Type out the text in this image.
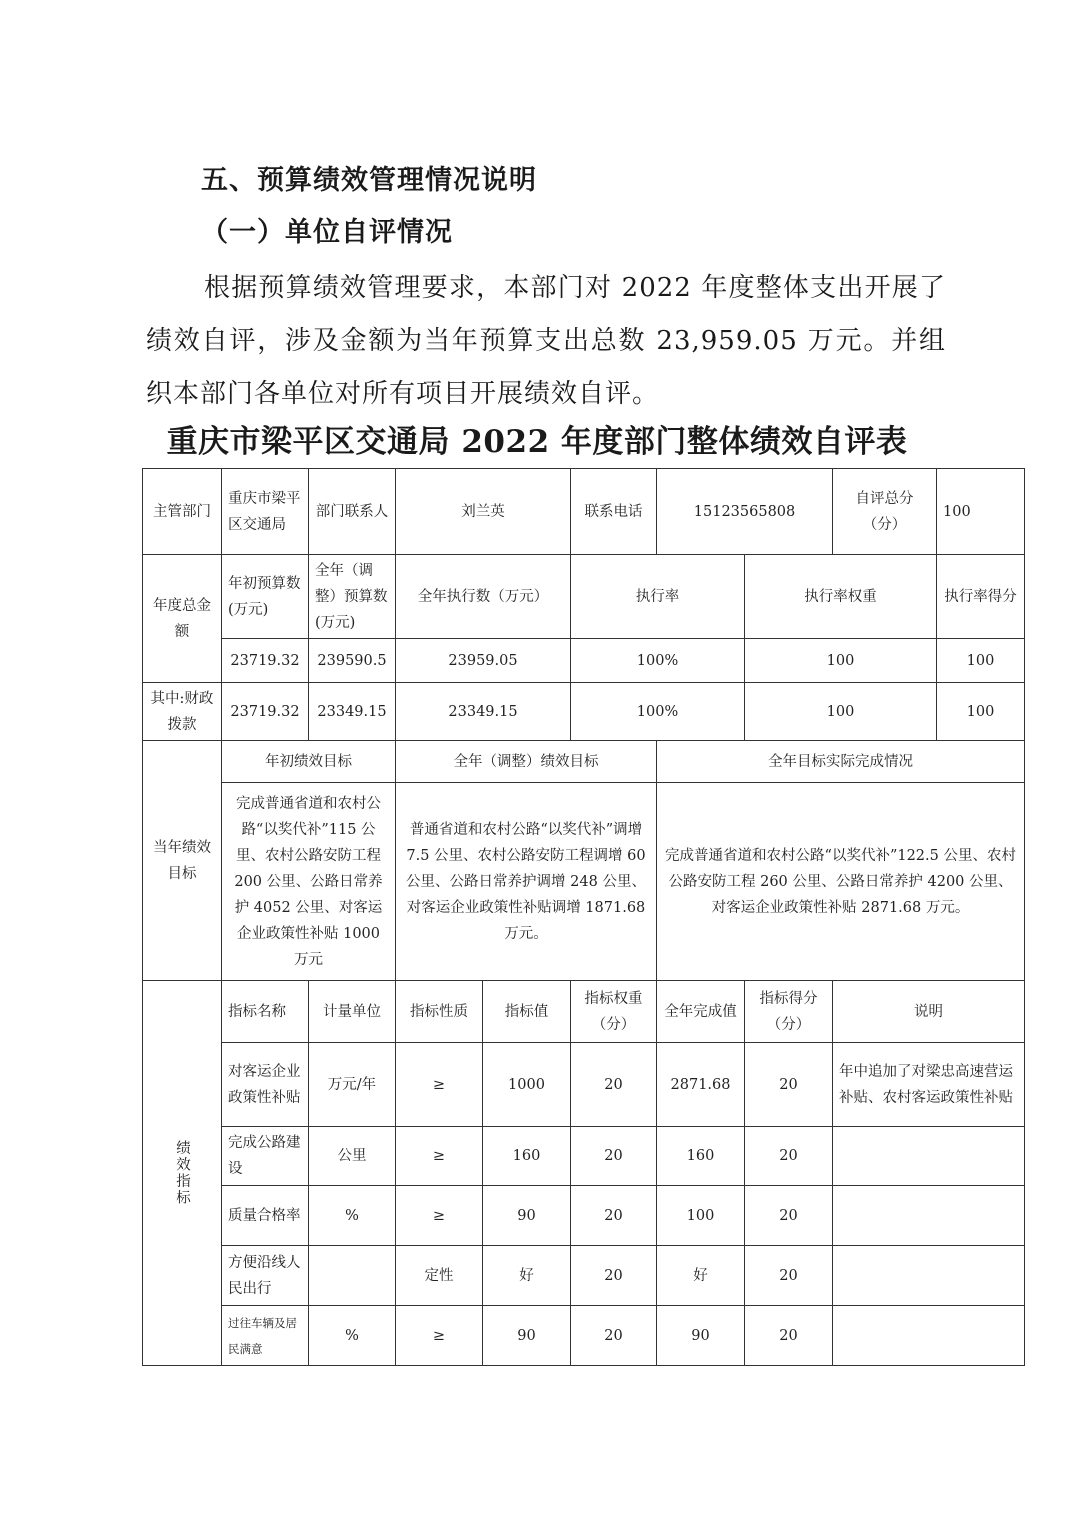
五、预算绩效管理情况说明
（一）单位自评情况
根据预算绩效管理要求，本部门对 2022 年度整体支出开展了绩效自评，涉及金额为当年预算支出总数 23,959.05 万元。并组织本部门各单位对所有项目开展绩效自评。
重庆市梁平区交通局 2022 年度部门整体绩效自评表
主管部门	重庆市梁平区交通局	部门联系人	刘兰英		联系电话	15123565808		自评总分（分）	100
年度总金额	年初预算数(万元)	全年（调整）预算数(万元)	全年执行数（万元）		执行率		执行率权重		执行率得分
	23719.32	239590.5	23959.05		100%		100		100
其中:财政拨款	23719.32	23349.15	23349.15		100%		100		100
当年绩效目标	年初绩效目标		全年（调整）绩效目标			全年目标实际完成情况			
	完成普通省道和农村公路“以奖代补”115 公里、农村公路安防工程 200 公里、公路日常养护 4052 公里、对客运企业政策性补贴 1000 万元		普通省道和农村公路“以奖代补”调增 7.5 公里、农村公路安防工程调增 60 公里、公路日常养护调增 248 公里、对客运企业政策性补贴调增 1871.68 万元。			完成普通省道和农村公路“以奖代补”122.5 公里、农村公路安防工程 260 公里、公路日常养护 4200 公里、对客运企业政策性补贴 2871.68 万元。			
绩效指标	指标名称	计量单位	指标性质	指标值	指标权重（分）	全年完成值	指标得分（分）	说明	
	对客运企业政策性补贴	万元/年	≥	1000	20	2871.68	20	年中追加了对梁忠高速营运补贴、农村客运政策性补贴	
	完成公路建设	公里	≥	160	20	160	20		
	质量合格率	%	≥	90	20	100	20		
	方便沿线人民出行		定性	好	20	好	20		
	过往车辆及居民满意	%	≥	90	20	90	20		
